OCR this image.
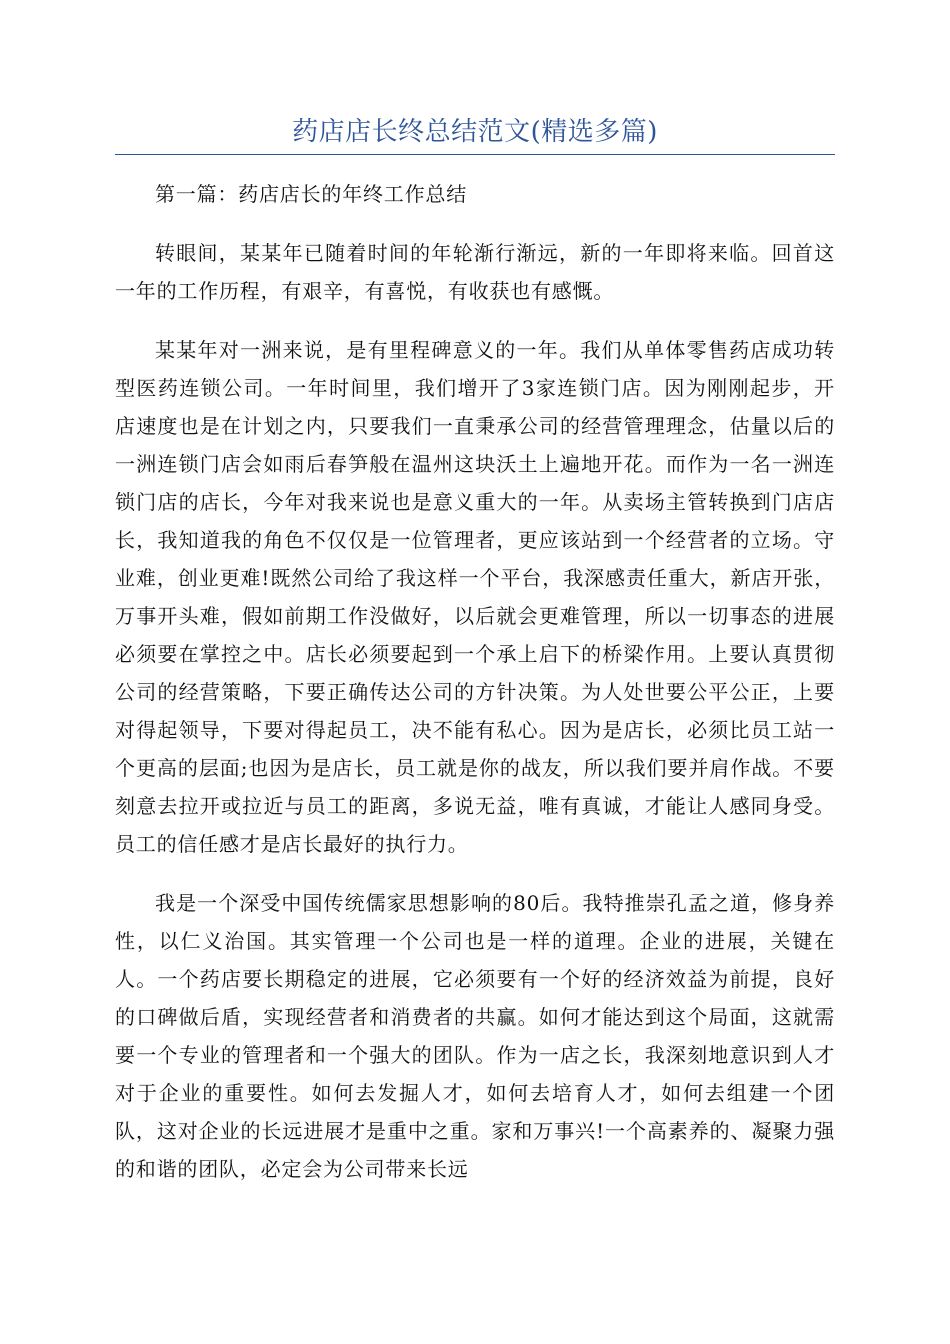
药店店长终总结范文(精选多篇)

第一篇：药店店长的年终工作总结

转眼间，某某年已随着时间的年轮渐行渐远，新的一年即将来临。回首这一年的工作历程，有艰辛，有喜悦，有收获也有感慨。

某某年对一洲来说，是有里程碑意义的一年。我们从单体零售药店成功转型医药连锁公司。一年时间里，我们增开了3家连锁门店。因为刚刚起步，开店速度也是在计划之内，只要我们一直秉承公司的经营管理理念，估量以后的一洲连锁门店会如雨后春笋般在温州这块沃土上遍地开花。而作为一名一洲连锁门店的店长，今年对我来说也是意义重大的一年。从卖场主管转换到门店店长，我知道我的角色不仅仅是一位管理者，更应该站到一个经营者的立场。守业难，创业更难!既然公司给了我这样一个平台，我深感责任重大，新店开张，万事开头难，假如前期工作没做好，以后就会更难管理，所以一切事态的进展必须要在掌控之中。店长必须要起到一个承上启下的桥梁作用。上要认真贯彻公司的经营策略，下要正确传达公司的方针决策。为人处世要公平公正，上要对得起领导，下要对得起员工，决不能有私心。因为是店长，必须比员工站一个更高的层面;也因为是店长，员工就是你的战友，所以我们要并肩作战。不要刻意去拉开或拉近与员工的距离，多说无益，唯有真诚，才能让人感同身受。员工的信任感才是店长最好的执行力。

我是一个深受中国传统儒家思想影响的80后。我特推崇孔孟之道，修身养性，以仁义治国。其实管理一个公司也是一样的道理。企业的进展，关键在人。一个药店要长期稳定的进展，它必须要有一个好的经济效益为前提，良好的口碑做后盾，实现经营者和消费者的共赢。如何才能达到这个局面，这就需要一个专业的管理者和一个强大的团队。作为一店之长，我深刻地意识到人才对于企业的重要性。如何去发掘人才，如何去培育人才，如何去组建一个团队，这对企业的长远进展才是重中之重。家和万事兴!一个高素养的、凝聚力强的和谐的团队，必定会为公司带来长远
